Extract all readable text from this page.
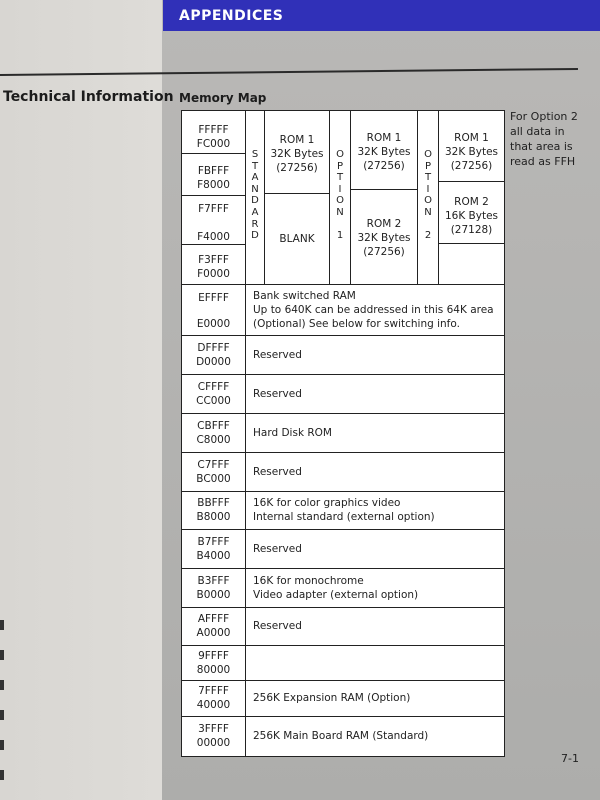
APPENDICES
Technical Information Memory Map
For Option 2
all data in
that area is
read as FFH
FFFFF
FC000
FBFFF
F8000
F7FFF
F4000
F3FFF
F0000
S
T
A
N
D
A
R
D
O
P
T
I
O
N

1
O
P
T
I
O
N

2
ROM 1
32K Bytes
(27256)
BLANK
ROM 1
32K Bytes
(27256)
ROM 2
32K Bytes
(27256)
ROM 1
32K Bytes
(27256)
ROM 2
16K Bytes
(27128)
EFFFF
E0000
Bank switched RAM
Up to 640K can be addressed in this 64K area
(Optional) See below for switching info.
DFFFF
D0000
Reserved
CFFFF
CC000
Reserved
CBFFF
C8000
Hard Disk ROM
C7FFF
BC000
Reserved
BBFFF
B8000
16K for color graphics video
Internal standard (external option)
B7FFF
B4000
Reserved
B3FFF
B0000
16K for monochrome
Video adapter (external option)
AFFFF
A0000
Reserved
9FFFF
80000
7FFFF
40000
256K Expansion RAM (Option)
3FFFF
00000
256K Main Board RAM (Standard)
7-1
